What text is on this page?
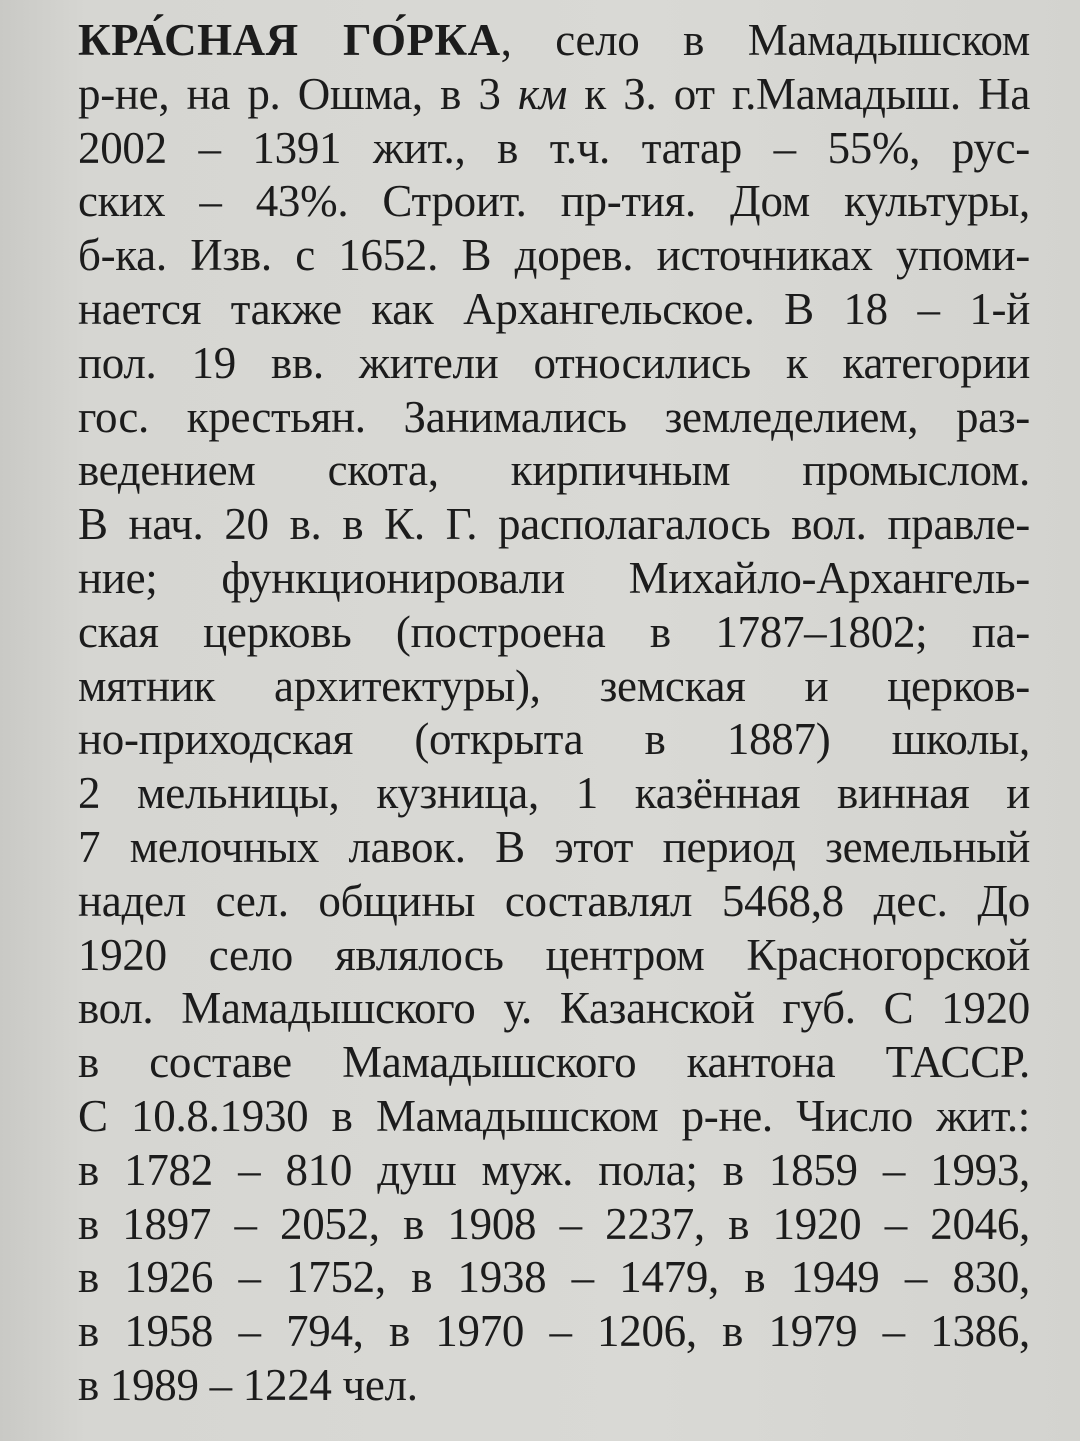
КРА́СНАЯ ГО́РКА, село в Мамадышском
р-не, на р. Ошма, в 3 км к З. от г.Мамадыш. На
2002 – 1391 жит., в т.ч. татар – 55%, рус-
ских – 43%. Строит. пр-тия. Дом культуры,
б-ка. Изв. с 1652. В дорев. источниках упоми-
нается также как Архангельское. В 18 – 1-й
пол. 19 вв. жители относились к категории
гос. крестьян. Занимались земледелием, раз-
ведением скота, кирпичным промыслом.
В нач. 20 в. в К. Г. располагалось вол. правле-
ние; функционировали Михайло-Архангель-
ская церковь (построена в 1787–1802; па-
мятник архитектуры), земская и церков-
но-приходская (открыта в 1887) школы,
2 мельницы, кузница, 1 казённая винная и
7 мелочных лавок. В этот период земельный
надел сел. общины составлял 5468,8 дес. До
1920 село являлось центром Красногорской
вол. Мамадышского у. Казанской губ. С 1920
в составе Мамадышского кантона ТАССР.
С 10.8.1930 в Мамадышском р-не. Число жит.:
в 1782 – 810 душ муж. пола; в 1859 – 1993,
в 1897 – 2052, в 1908 – 2237, в 1920 – 2046,
в 1926 – 1752, в 1938 – 1479, в 1949 – 830,
в 1958 – 794, в 1970 – 1206, в 1979 – 1386,
в 1989 – 1224 чел.
